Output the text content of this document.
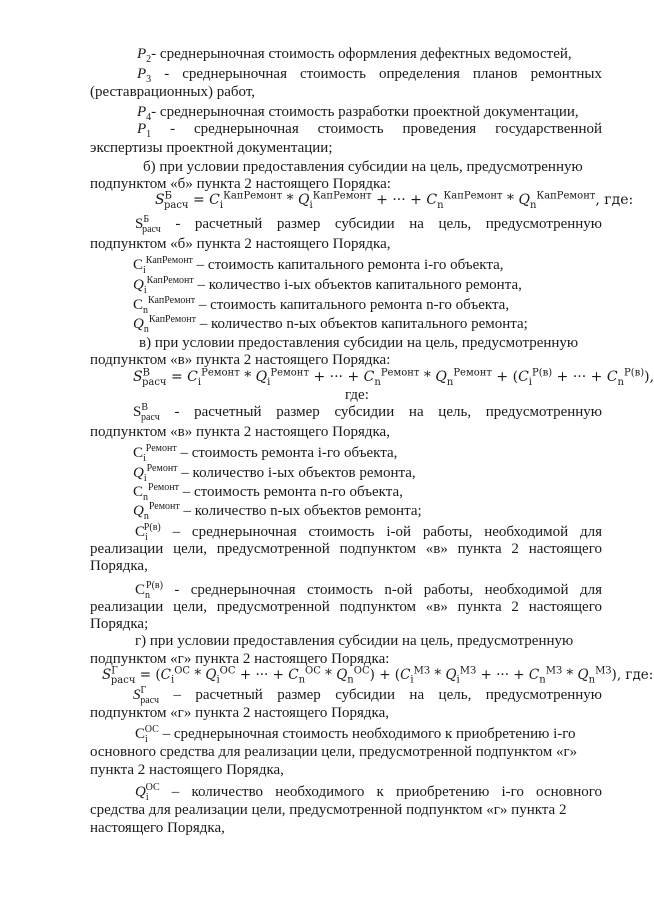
$P_2-$ среднерыночная стоимость оформления дефектных ведомостей,
$P_3$ - среднерыночная стоимость определения планов ремонтных
(реставрационных) работ,
$P_4-$ среднерыночная стоимость разработки проектной документации,
$P_1$ - среднерыночная стоимость проведения государственной
экспертизы проектной документации;
б) при условии предоставления субсидии на цель, предусмотренную
подпунктом «б» пункта 2 настоящего Порядка:
$S^Б_{расч} = C_i^{КапРемонт} * Q_i^{КапРемонт}$ + ··· + $C_n^{КапРемонт} * Q_n^{КапРемонт}$, где:
$S^Б_{расч}$ - расчетный размер субсидии на цель, предусмотренную
подпунктом «б» пункта 2 настоящего Порядка,
$C_i^{КапРемонт}$ – стоимость капитального ремонта i-го объекта,
$Q_i^{КапРемонт}$ – количество i-ых объектов капитального ремонта,
$C_n^{КапРемонт}$ – стоимость капитального ремонта n-го объекта,
$Q_n^{КапРемонт}$ – количество n-ых объектов капитального ремонта;
в) при условии предоставления субсидии на цель, предусмотренную
подпунктом «в» пункта 2 настоящего Порядка:
$S^В_{расч} = C_i^{Ремонт} * Q_i^{Ремонт}$ + ··· + $C_n^{Ремонт} * Q_n^{Ремонт} + (C_i^{Р(в)}$ + ··· + $C_n^{Р(в)}$),
где:
$S^В_{расч}$ - расчетный размер субсидии на цель, предусмотренную
подпунктом «в» пункта 2 настоящего Порядка,
$C_i^{Ремонт}$ – стоимость ремонта i-го объекта,
$Q_i^{Ремонт}$ – количество i-ых объектов ремонта,
$C_n^{Ремонт}$ – стоимость ремонта n-го объекта,
$Q_n^{Ремонт}$ – количество n-ых объектов ремонта;
$C_i^{Р(в)}$ – среднерыночная стоимость i-ой работы, необходимой для
реализации цели, предусмотренной подпунктом «в» пункта 2 настоящего
Порядка,
$C_n^{Р(в)}$ - среднерыночная стоимость n-ой работы, необходимой для
реализации цели, предусмотренной подпунктом «в» пункта 2 настоящего
Порядка;
г) при условии предоставления субсидии на цель, предусмотренную
подпунктом «г» пункта 2 настоящего Порядка:
$S^Г_{расч} = (C_i^{ОС} * Q_i^{ОС}$ + ··· + $C_n^{ОС} * Q_n^{ОС}) + (C_i^{МЗ} * Q_i^{МЗ}$ + ··· + $C_n^{МЗ} * Q_n^{МЗ}$), где:
$S^Г_{расч}$ – расчетный размер субсидии на цель, предусмотренную
подпунктом «г» пункта 2 настоящего Порядка,
$C_i^{ОС}$ – среднерыночная стоимость необходимого к приобретению i-го
основного средства для реализации цели, предусмотренной подпунктом «г»
пункта 2 настоящего Порядка,
$Q_i^{ОС}$ – количество необходимого к приобретению i-го основного
средства для реализации цели, предусмотренной подпунктом «г» пункта 2
настоящего Порядка,
